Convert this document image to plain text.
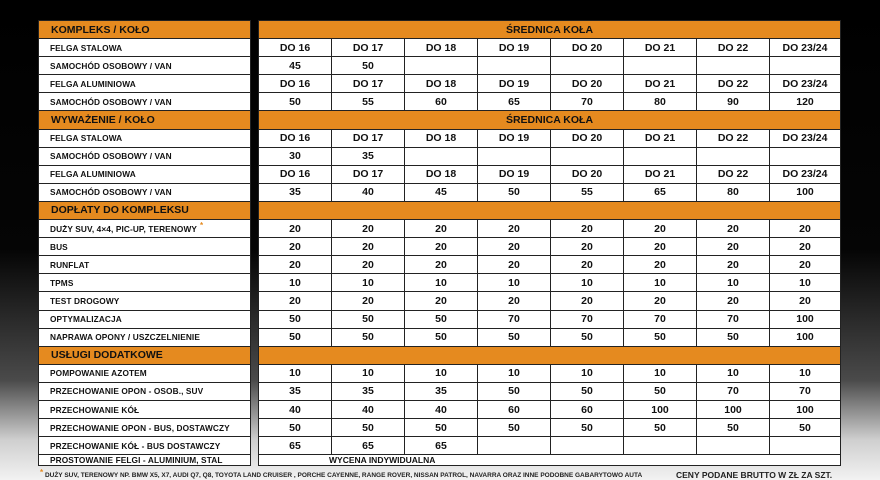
KOMPLEKS / KOŁO	ŚREDNICA KOŁA
FELGA STALOWA	DO 16	DO 17	DO 18	DO 19	DO 20	DO 21	DO 22	DO 23/24
SAMOCHÓD OSOBOWY / VAN	45	50
FELGA ALUMINIOWA	DO 16	DO 17	DO 18	DO 19	DO 20	DO 21	DO 22	DO 23/24
SAMOCHÓD OSOBOWY / VAN	50	55	60	65	70	80	90	120
WYWAŻENIE / KOŁO	ŚREDNICA KOŁA
FELGA STALOWA	DO 16	DO 17	DO 18	DO 19	DO 20	DO 21	DO 22	DO 23/24
SAMOCHÓD OSOBOWY / VAN	30	35
FELGA ALUMINIOWA	DO 16	DO 17	DO 18	DO 19	DO 20	DO 21	DO 22	DO 23/24
SAMOCHÓD OSOBOWY / VAN	35	40	45	50	55	65	80	100
DOPŁATY DO KOMPLEKSU
DUŻY SUV, 4×4, PIC-UP, TERENOWY *	20	20	20	20	20	20	20	20
BUS	20	20	20	20	20	20	20	20
RUNFLAT	20	20	20	20	20	20	20	20
TPMS	10	10	10	10	10	10	10	10
TEST DROGOWY	20	20	20	20	20	20	20	20
OPTYMALIZACJA	50	50	50	70	70	70	70	100
NAPRAWA OPONY / USZCZELNIENIE	50	50	50	50	50	50	50	100
USŁUGI DODATKOWE
POMPOWANIE AZOTEM	10	10	10	10	10	10	10	10
PRZECHOWANIE OPON - OSOB., SUV	35	35	35	50	50	50	70	70
PRZECHOWANIE KÓŁ	40	40	40	60	60	100	100	100
PRZECHOWANIE OPON - BUS, DOSTAWCZY	50	50	50	50	50	50	50	50
PRZECHOWANIE KÓŁ - BUS DOSTAWCZY	65	65	65
PROSTOWANIE FELGI - ALUMINIUM, STAL	WYCENA INDYWIDUALNA
* DUŻY SUV, TERENOWY NP. BMW X5, X7, AUDI Q7, Q8, TOYOTA LAND CRUISER , PORCHE CAYENNE, RANGE ROVER, NISSAN PATROL, NAVARRA ORAZ INNE PODOBNE GABARYTOWO AUTA	CENY PODANE BRUTTO W ZŁ ZA SZT.
